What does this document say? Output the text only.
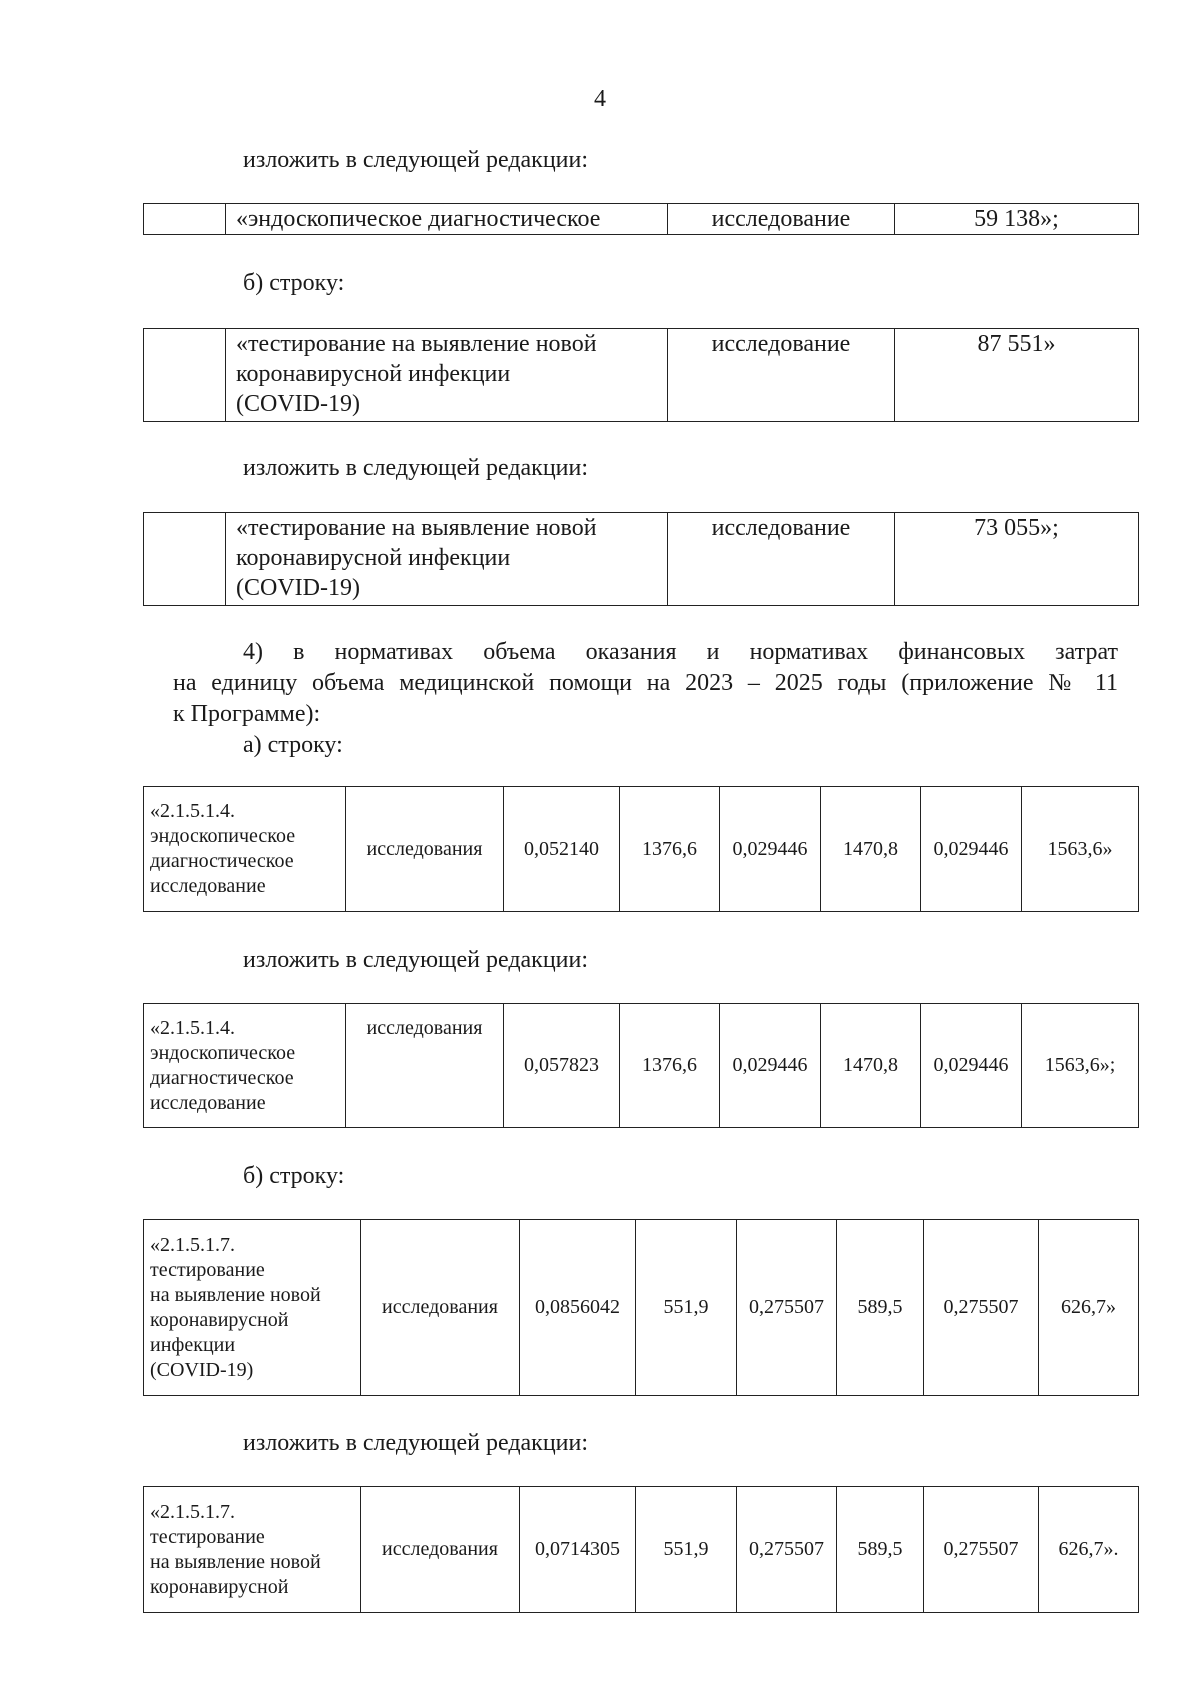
4
изложить в следующей редакции:
	«эндоскопическое диагностическое	исследование	59 138»;
б) строку:

«тестирование на выявление новой
коронавирусной инфекции
(COVID-19)
	исследование	87 551»
изложить в следующей редакции:

«тестирование на выявление новой
коронавирусной инфекции
(COVID-19)
	исследование	73 055»;
4) в нормативах объема оказания и нормативах финансовых затрат
на единицу объема медицинской помощи на 2023 – 2025 годы (приложение № 11
к Программе):
а) строку:
«2.1.5.1.4.
эндоскопическое
диагностическое
исследование
	исследования	0,052140	1376,6	0,029446	1470,8	0,029446	1563,6»
изложить в следующей редакции:
«2.1.5.1.4.
эндоскопическое
диагностическое
исследование
	исследования	0,057823	1376,6	0,029446	1470,8	0,029446	1563,6»;
б) строку:
«2.1.5.1.7.
тестирование
на выявление новой
коронавирусной
инфекции
(COVID-19)
	исследования	0,0856042	551,9	0,275507	589,5	0,275507	626,7»
изложить в следующей редакции:
«2.1.5.1.7.
тестирование
на выявление новой
коронавирусной
	исследования	0,0714305	551,9	0,275507	589,5	0,275507	626,7».
